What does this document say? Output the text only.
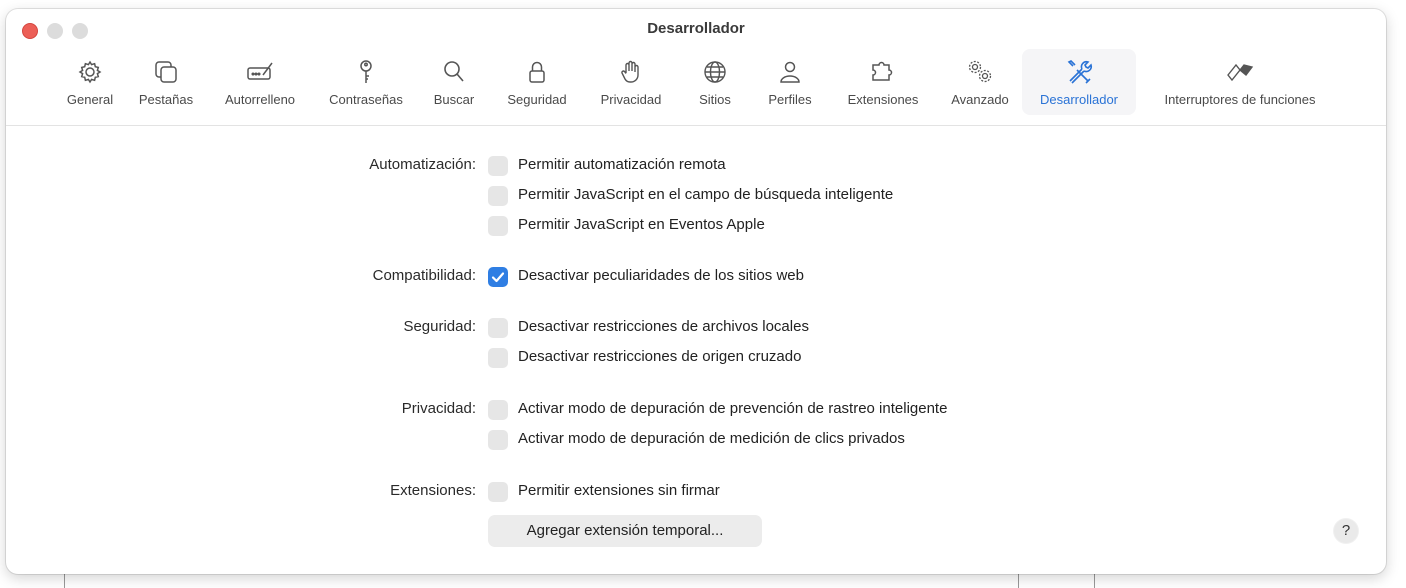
Desarrollador
General	Pestañas	Autorrelleno	Contraseñas	Buscar	Seguridad	Privacidad	Sitios	Perfiles	Extensiones	Avanzado	Desarrollador	Interruptores de funciones
Automatización:	Permitir automatización remota
Permitir JavaScript en el campo de búsqueda inteligente
Permitir JavaScript en Eventos Apple
Compatibilidad:	Desactivar peculiaridades de los sitios web
Seguridad:	Desactivar restricciones de archivos locales
Desactivar restricciones de origen cruzado
Privacidad:	Activar modo de depuración de prevención de rastreo inteligente
Activar modo de depuración de medición de clics privados
Extensiones:	Permitir extensiones sin firmar
Agregar extensión temporal...	?
